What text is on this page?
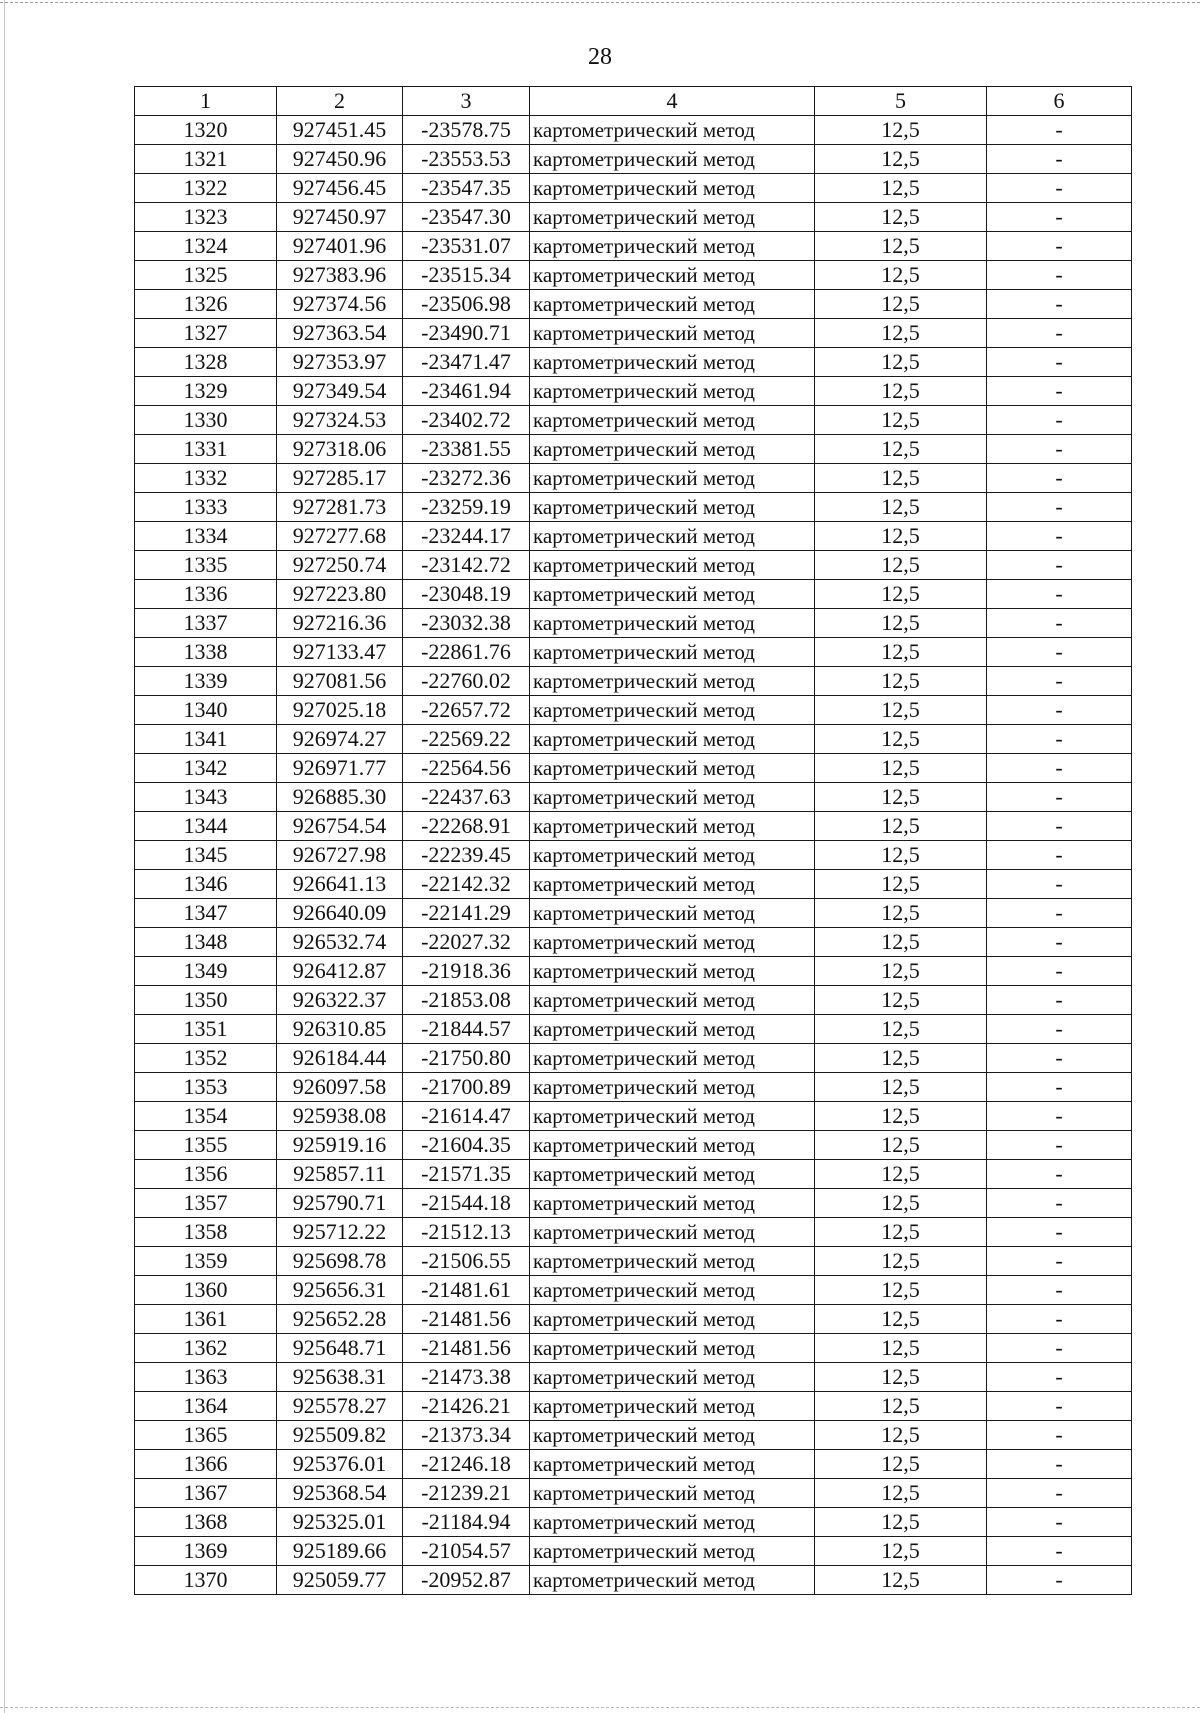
28
1	2	3	4	5	6
1320	927451.45	-23578.75	картометрический метод	12,5	-
1321	927450.96	-23553.53	картометрический метод	12,5	-
1322	927456.45	-23547.35	картометрический метод	12,5	-
1323	927450.97	-23547.30	картометрический метод	12,5	-
1324	927401.96	-23531.07	картометрический метод	12,5	-
1325	927383.96	-23515.34	картометрический метод	12,5	-
1326	927374.56	-23506.98	картометрический метод	12,5	-
1327	927363.54	-23490.71	картометрический метод	12,5	-
1328	927353.97	-23471.47	картометрический метод	12,5	-
1329	927349.54	-23461.94	картометрический метод	12,5	-
1330	927324.53	-23402.72	картометрический метод	12,5	-
1331	927318.06	-23381.55	картометрический метод	12,5	-
1332	927285.17	-23272.36	картометрический метод	12,5	-
1333	927281.73	-23259.19	картометрический метод	12,5	-
1334	927277.68	-23244.17	картометрический метод	12,5	-
1335	927250.74	-23142.72	картометрический метод	12,5	-
1336	927223.80	-23048.19	картометрический метод	12,5	-
1337	927216.36	-23032.38	картометрический метод	12,5	-
1338	927133.47	-22861.76	картометрический метод	12,5	-
1339	927081.56	-22760.02	картометрический метод	12,5	-
1340	927025.18	-22657.72	картометрический метод	12,5	-
1341	926974.27	-22569.22	картометрический метод	12,5	-
1342	926971.77	-22564.56	картометрический метод	12,5	-
1343	926885.30	-22437.63	картометрический метод	12,5	-
1344	926754.54	-22268.91	картометрический метод	12,5	-
1345	926727.98	-22239.45	картометрический метод	12,5	-
1346	926641.13	-22142.32	картометрический метод	12,5	-
1347	926640.09	-22141.29	картометрический метод	12,5	-
1348	926532.74	-22027.32	картометрический метод	12,5	-
1349	926412.87	-21918.36	картометрический метод	12,5	-
1350	926322.37	-21853.08	картометрический метод	12,5	-
1351	926310.85	-21844.57	картометрический метод	12,5	-
1352	926184.44	-21750.80	картометрический метод	12,5	-
1353	926097.58	-21700.89	картометрический метод	12,5	-
1354	925938.08	-21614.47	картометрический метод	12,5	-
1355	925919.16	-21604.35	картометрический метод	12,5	-
1356	925857.11	-21571.35	картометрический метод	12,5	-
1357	925790.71	-21544.18	картометрический метод	12,5	-
1358	925712.22	-21512.13	картометрический метод	12,5	-
1359	925698.78	-21506.55	картометрический метод	12,5	-
1360	925656.31	-21481.61	картометрический метод	12,5	-
1361	925652.28	-21481.56	картометрический метод	12,5	-
1362	925648.71	-21481.56	картометрический метод	12,5	-
1363	925638.31	-21473.38	картометрический метод	12,5	-
1364	925578.27	-21426.21	картометрический метод	12,5	-
1365	925509.82	-21373.34	картометрический метод	12,5	-
1366	925376.01	-21246.18	картометрический метод	12,5	-
1367	925368.54	-21239.21	картометрический метод	12,5	-
1368	925325.01	-21184.94	картометрический метод	12,5	-
1369	925189.66	-21054.57	картометрический метод	12,5	-
1370	925059.77	-20952.87	картометрический метод	12,5	-
